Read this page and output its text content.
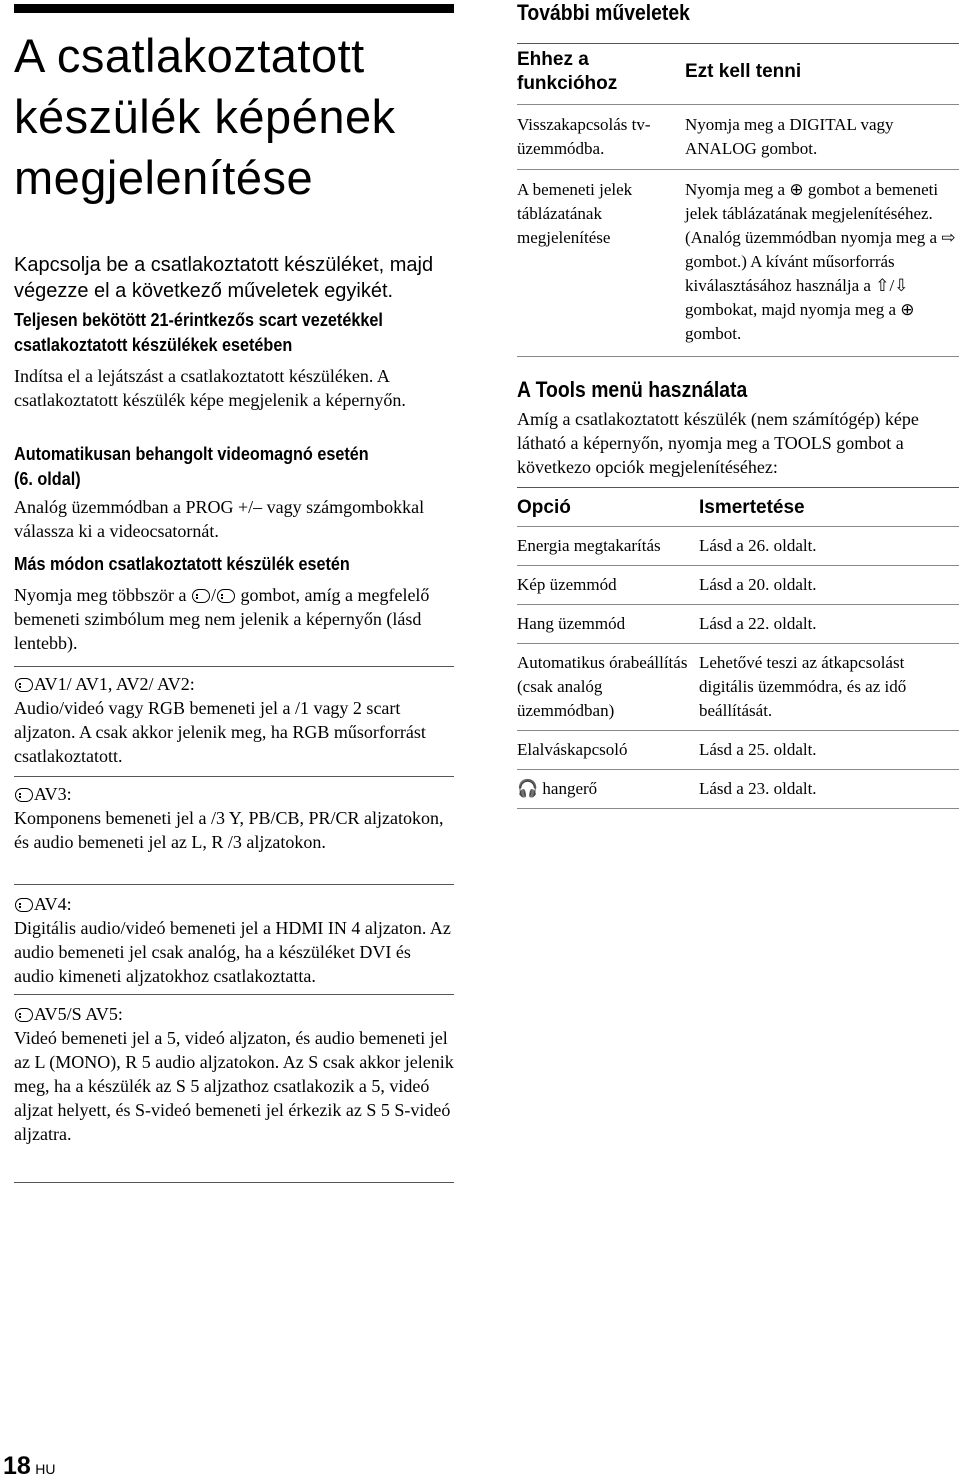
A csatlakoztatott
készülék képének
megjelenítése

Kapcsolja be a csatlakoztatott készüléket, majd végezze el a következő műveletek egyikét.

Teljesen bekötött 21-érintkezős scart vezetékkel

csatlakoztatott készülékek esetében

Indítsa el a lejátszást a csatlakoztatott készüléken. A csatlakoztatott készülék képe megjelenik a képernyőn.

Automatikusan behangolt videomagnó esetén

(6. oldal)

Analóg üzemmódban a PROG +/– vagy számgombokkal válassza ki a videocsatornát.

Más módon csatlakoztatott készülék esetén

Nyomja meg többször a / gombot, amíg a megfelelő bemeneti szimbólum meg nem jelenik a képernyőn (lásd lentebb).

AV1/ AV1, AV2/ AV2:

Audio/videó vagy RGB bemeneti jel a /1 vagy 2 scart aljzaton. A csak akkor jelenik meg, ha RGB műsorforrást csatlakoztatott.

AV3:

Komponens bemeneti jel a /3 Y, PB/CB, PR/CR aljzatokon, és audio bemeneti jel az L, R /3 aljzatokon.

AV4:

Digitális audio/videó bemeneti jel a HDMI IN 4 aljzaton. Az audio bemeneti jel csak analóg, ha a készüléket DVI és audio kimeneti aljzatokhoz csatlakoztatta.

AV5/S AV5:

Videó bemeneti jel a 5, videó aljzaton, és audio bemeneti jel az L (MONO), R 5 audio aljzatokon. Az S csak akkor jelenik meg, ha a készülék az S 5 aljzathoz csatlakozik a 5, videó aljzat helyett, és S-videó bemeneti jel érkezik az S 5 S-videó aljzatra.

További műveletek

Ehhez a funkcióhoz	Ezt kell tenni
Visszakapcsolás tv-üzemmódba.	Nyomja meg a DIGITAL vagy ANALOG gombot.
A bemeneti jelek táblázatának megjelenítése	Nyomja meg a ⊕ gombot a bemeneti jelek táblázatának megjelenítéséhez. (Analóg üzemmódban nyomja meg a ⇨ gombot.) A kívánt műsorforrás kiválasztásához használja a ⇧/⇩ gombokat, majd nyomja meg a ⊕ gombot.

A Tools menü használata

Amíg a csatlakoztatott készülék (nem számítógép) képe látható a képernyőn, nyomja meg a TOOLS gombot a következo opciók megjelenítéséhez:

Opció	Ismertetése
Energia megtakarítás	Lásd a 26. oldalt.
Kép üzemmód	Lásd a 20. oldalt.
Hang üzemmód	Lásd a 22. oldalt.
Automatikus órabeállítás (csak analóg üzemmódban)	Lehetővé teszi az átkapcsolást digitális üzemmódra, és az idő beállítását.
Elalváskapcsoló	Lásd a 25. oldalt.
🎧 hangerő	Lásd a 23. oldalt.
18 HU
